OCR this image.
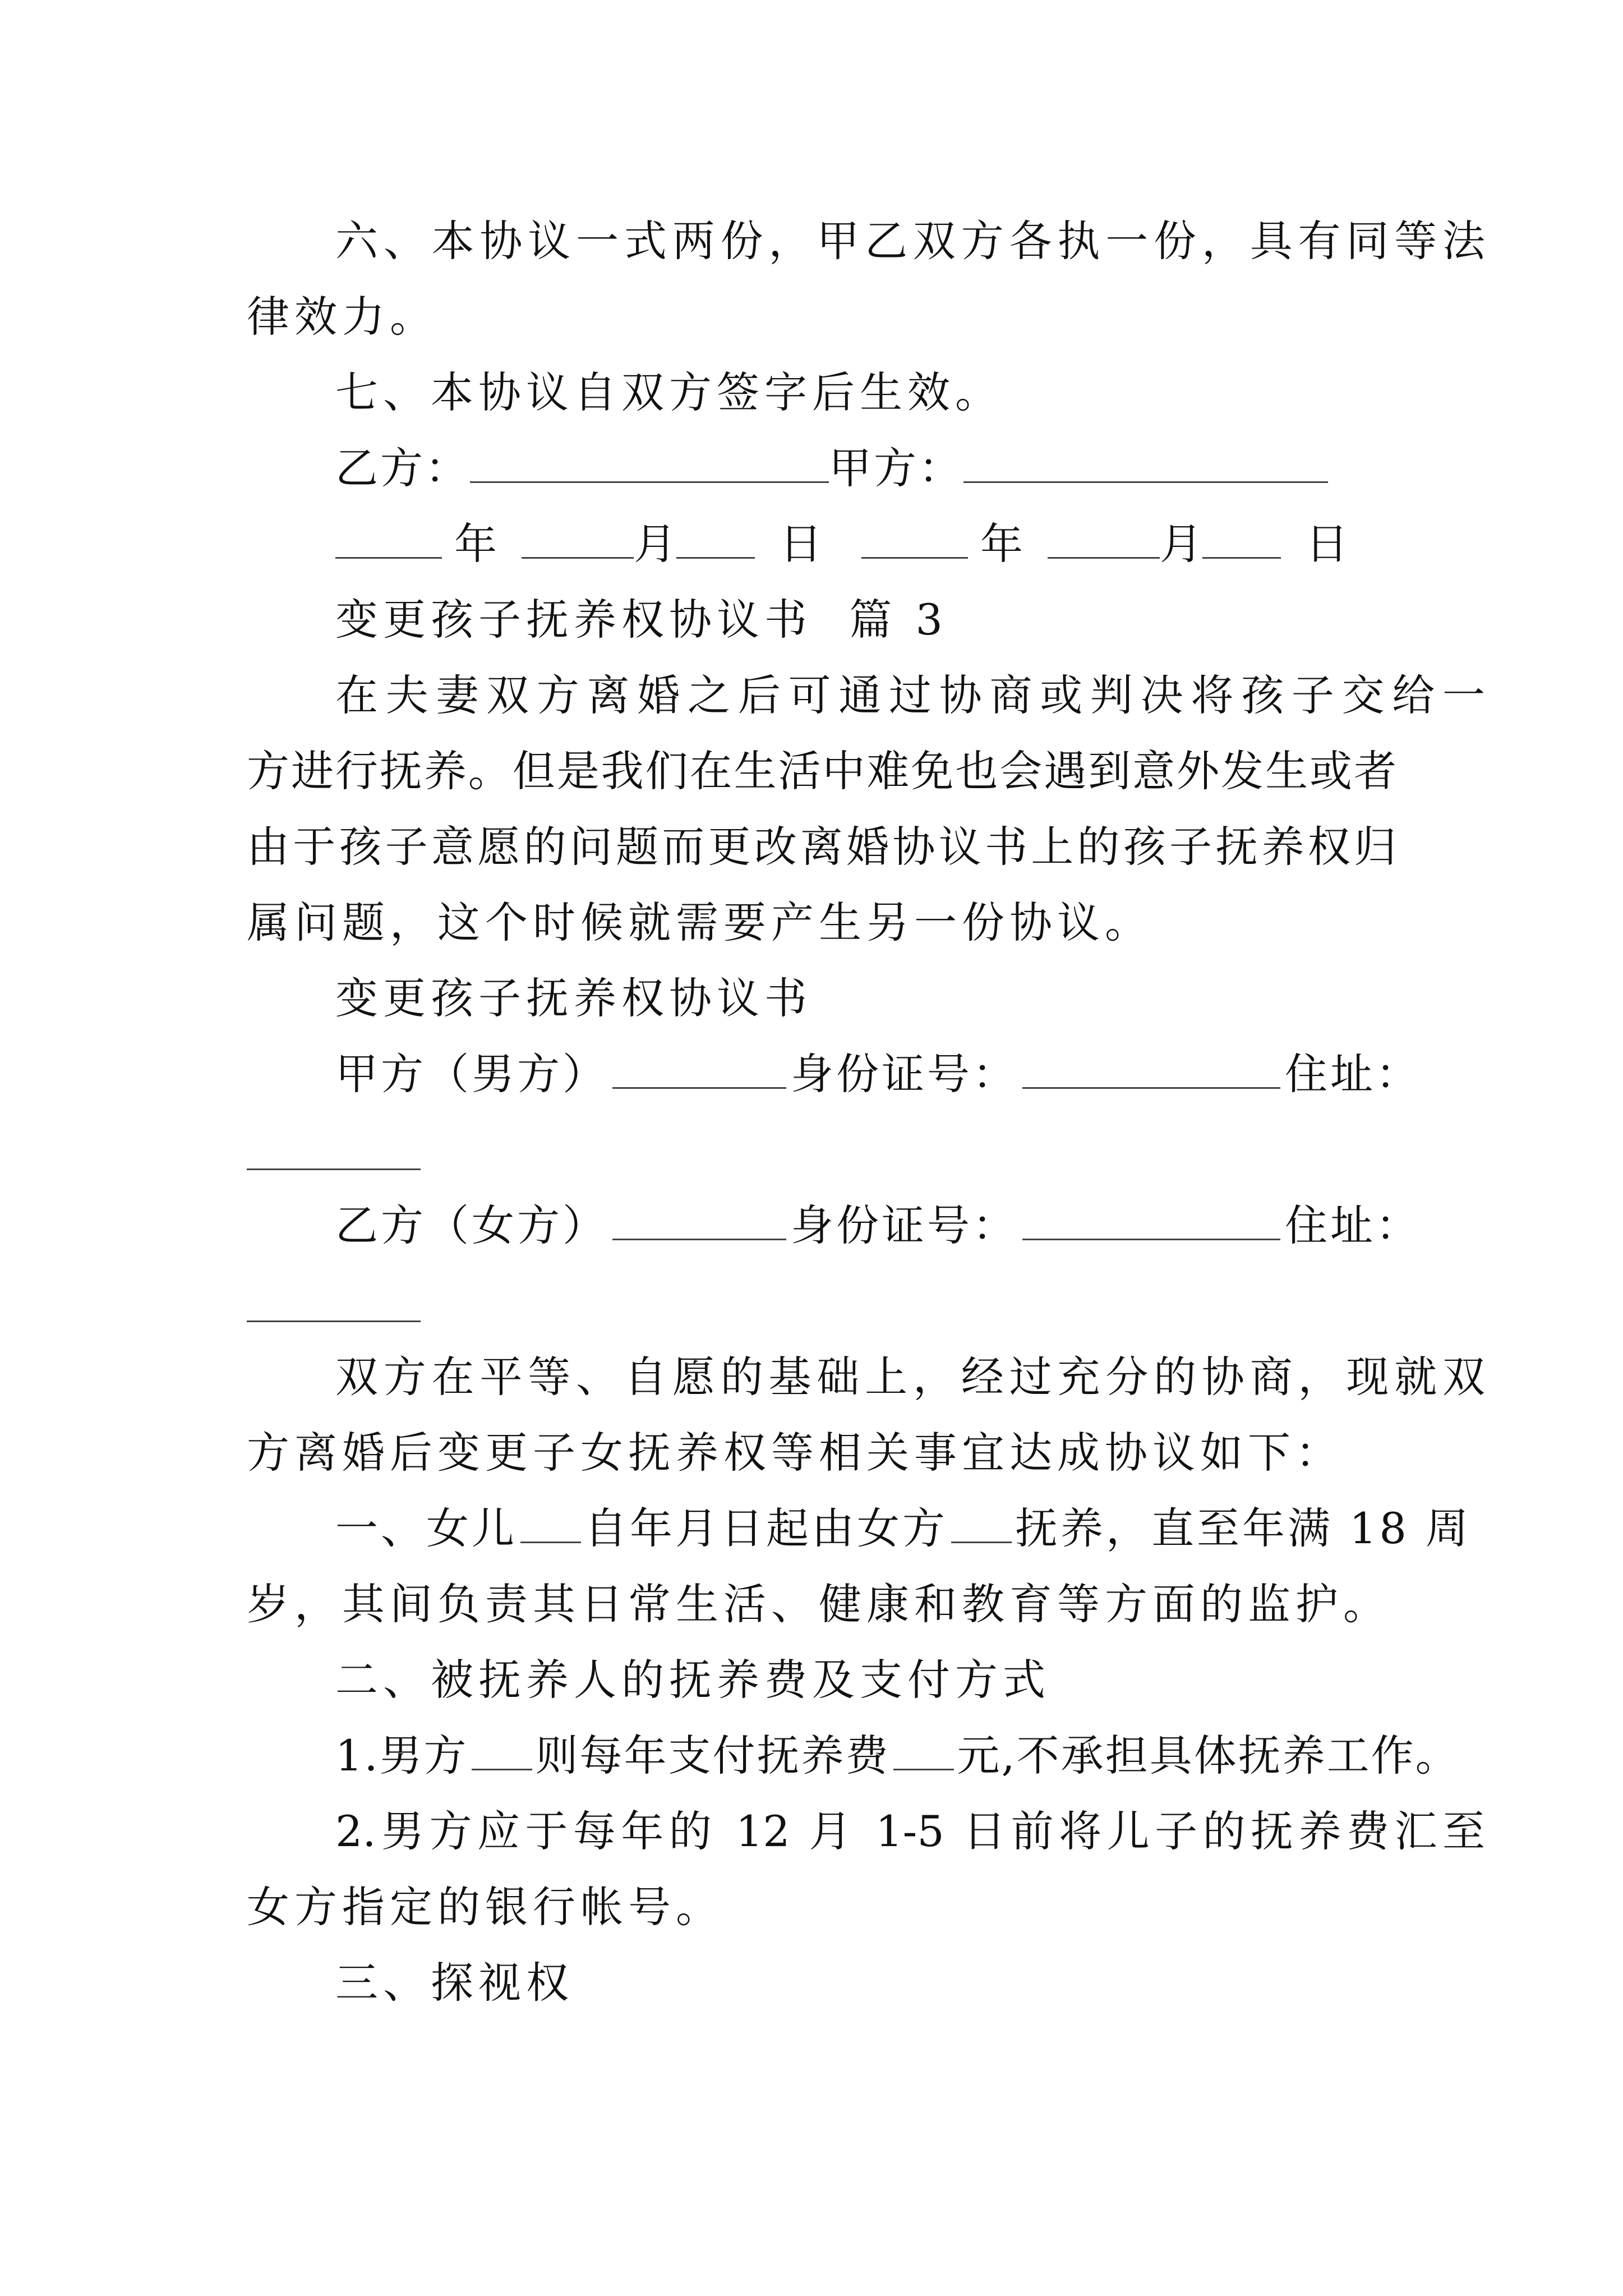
六、本协议一式两份，甲乙双方各执一份，具有同等法
律效力。
七、本协议自双方签字后生效。
乙方：	甲方：
年	月 日	年	月 日
变更孩子抚养权协议书  篇 3
在夫妻双方离婚之后可通过协商或判决将孩子交给一
方进行抚养。但是我们在生活中难免也会遇到意外发生或者
由于孩子意愿的问题而更改离婚协议书上的孩子抚养权归
属问题，这个时候就需要产生另一份协议。
变更孩子抚养权协议书
甲方（男方）	身份证号：	住址：
乙方（女方）	身份证号：	住址：
双方在平等、自愿的基础上，经过充分的协商，现就双
方离婚后变更子女抚养权等相关事宜达成协议如下：
一、女儿 自年月日起由女方 抚养，直至年满 18 周
岁，其间负责其日常生活、健康和教育等方面的监护。
二、被抚养人的抚养费及支付方式
1.男方 则每年支付抚养费 元,不承担具体抚养工作。
2.男方应于每年的 12 月 1-5 日前将儿子的抚养费汇至
女方指定的银行帐号。
三、探视权
